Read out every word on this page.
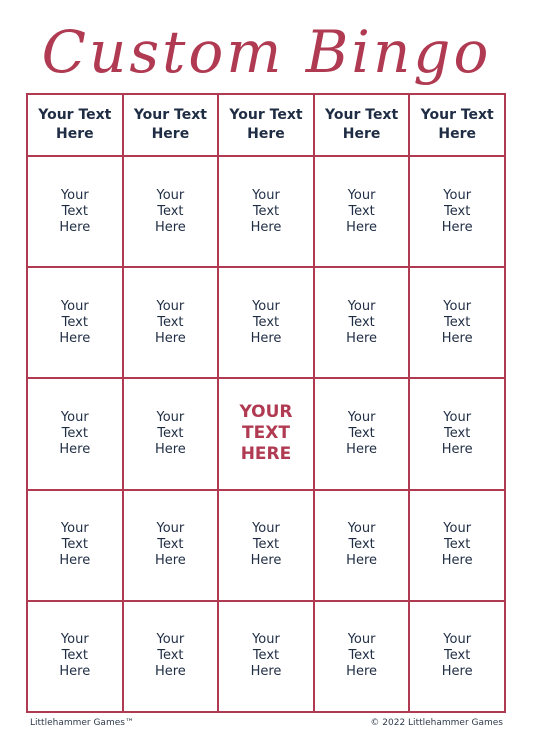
Custom Bingo
Your Text Here
Your Text Here
Your Text Here
Your Text Here
Your Text Here
Your
Text
Here
Your
Text
Here
Your
Text
Here
Your
Text
Here
Your
Text
Here
Your
Text
Here
Your
Text
Here
Your
Text
Here
Your
Text
Here
Your
Text
Here
Your
Text
Here
Your
Text
Here
YOUR
TEXT
HERE
Your
Text
Here
Your
Text
Here
Your
Text
Here
Your
Text
Here
Your
Text
Here
Your
Text
Here
Your
Text
Here
Your
Text
Here
Your
Text
Here
Your
Text
Here
Your
Text
Here
Your
Text
Here
Littlehammer Games™	© 2022 Littlehammer Games
